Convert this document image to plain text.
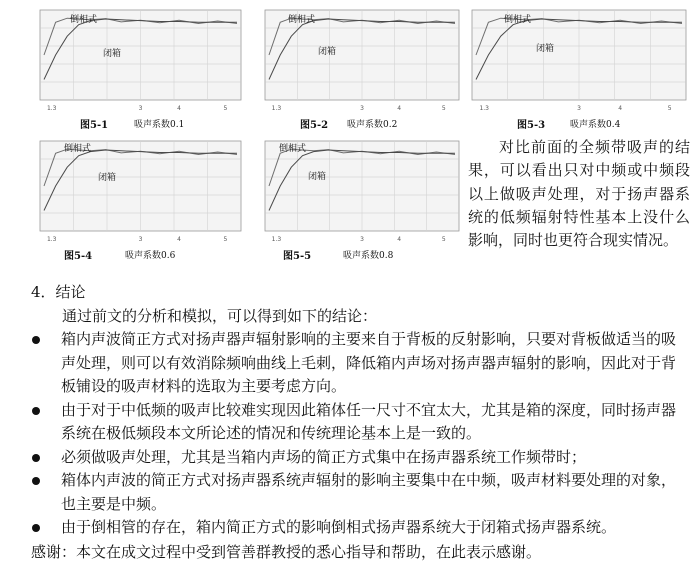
1.3	3	4	5
倒相式
闭箱
图5-1	吸声系数0.1
1.3	3	4	5
倒相式
闭箱
图5-2 吸声系数0.2
1.3	3	4	5
倒相式
闭箱
图5-3	吸声系数0.4
1.3	3	4	5
倒相式
闭箱
图5-4	吸声系数0.6
1.3	3	4	5
倒相式
闭箱
图5-5	吸声系数0.8
对比前面的全频带吸声的结果，可以看出只对中频或中频段以上做吸声处理，对于扬声器系统的低频辐射特性基本上没什么影响，同时也更符合现实情况。
4．结论
通过前文的分析和模拟，可以得到如下的结论：
箱内声波简正方式对扬声器声辐射影响的主要来自于背板的反射影响，只要对背板做适当的吸声处理，则可以有效消除频响曲线上毛刺，降低箱内声场对扬声器声辐射的影响，因此对于背板铺设的吸声材料的选取为主要考虑方向。
由于对于中低频的吸声比较难实现因此箱体任一尺寸不宜太大，尤其是箱的深度，同时扬声器系统在极低频段本文所论述的情况和传统理论基本上是一致的。
必须做吸声处理，尤其是当箱内声场的简正方式集中在扬声器系统工作频带时；
箱体内声波的简正方式对扬声器系统声辐射的影响主要集中在中频，吸声材料要处理的对象，也主要是中频。
由于倒相管的存在，箱内简正方式的影响倒相式扬声器系统大于闭箱式扬声器系统。
感谢：本文在成文过程中受到管善群教授的悉心指导和帮助，在此表示感谢。
